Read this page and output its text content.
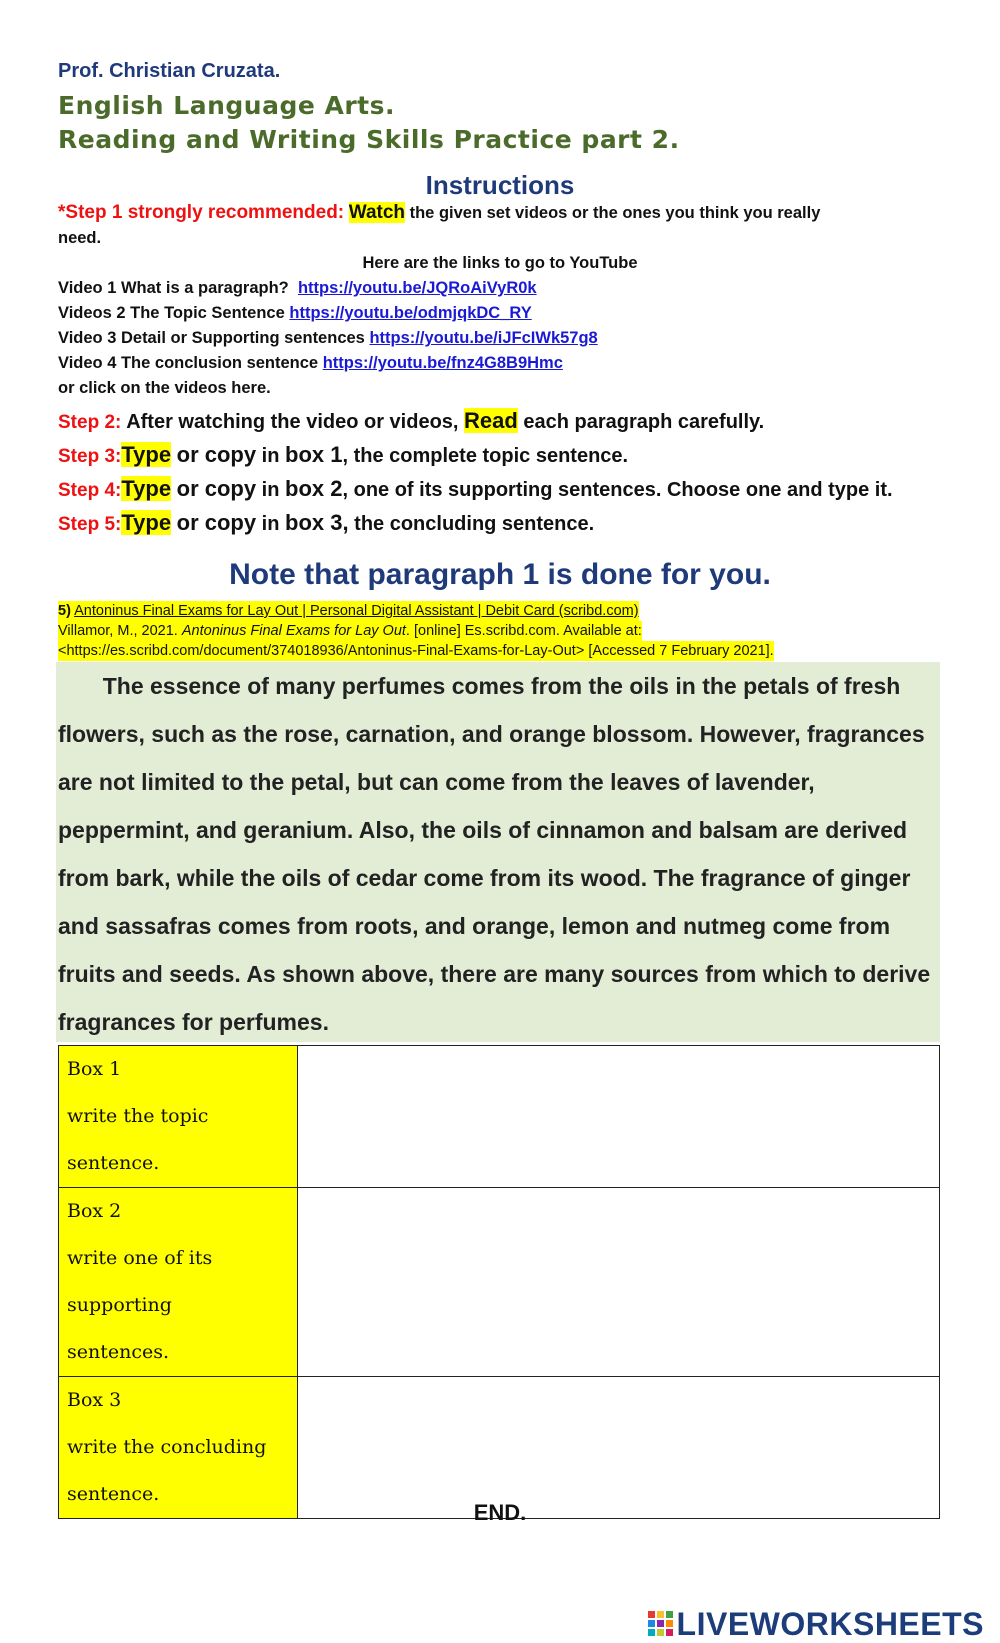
Prof. Christian Cruzata.
English Language Arts.
Reading and Writing Skills Practice part 2.
Instructions
*Step 1 strongly recommended: Watch the given set videos or the ones you think you really
need.
Here are the links to go to YouTube
Video 1 What is a paragraph? https://youtu.be/JQRoAiVyR0k
Videos 2 The Topic Sentence https://youtu.be/odmjqkDC_RY
Video 3 Detail or Supporting sentences https://youtu.be/iJFcIWk57g8
Video 4 The conclusion sentence https://youtu.be/fnz4G8B9Hmc
or click on the videos here.
Step 2: After watching the video or videos, Read each paragraph carefully.
Step 3:Type or copy in box 1, the complete topic sentence.
Step 4:Type or copy in box 2, one of its supporting sentences. Choose one and type it.
Step 5:Type or copy in box 3, the concluding sentence.
Note that paragraph 1 is done for you.
5) Antoninus Final Exams for Lay Out | Personal Digital Assistant | Debit Card (scribd.com)
Villamor, M., 2021. Antoninus Final Exams for Lay Out. [online] Es.scribd.com. Available at:
<https://es.scribd.com/document/374018936/Antoninus-Final-Exams-for-Lay-Out> [Accessed 7 February 2021].

The essence of many perfumes comes from the oils in the petals of fresh

flowers, such as the rose, carnation, and orange blossom. However, fragrances

are not limited to the petal, but can come from the leaves of lavender,

peppermint, and geranium. Also, the oils of cinnamon and balsam are derived

from bark, while the oils of cedar come from its wood. The fragrance of ginger

and sassafras comes from roots, and orange, lemon and nutmeg come from

fruits and seeds. As shown above, there are many sources from which to derive

fragrances for perfumes.

Box 1
write the topic sentence.	

Box 2
write one of its supporting
sentences.	

Box 3
write the concluding
sentence.	

END.
LIVEWORKSHEETS
